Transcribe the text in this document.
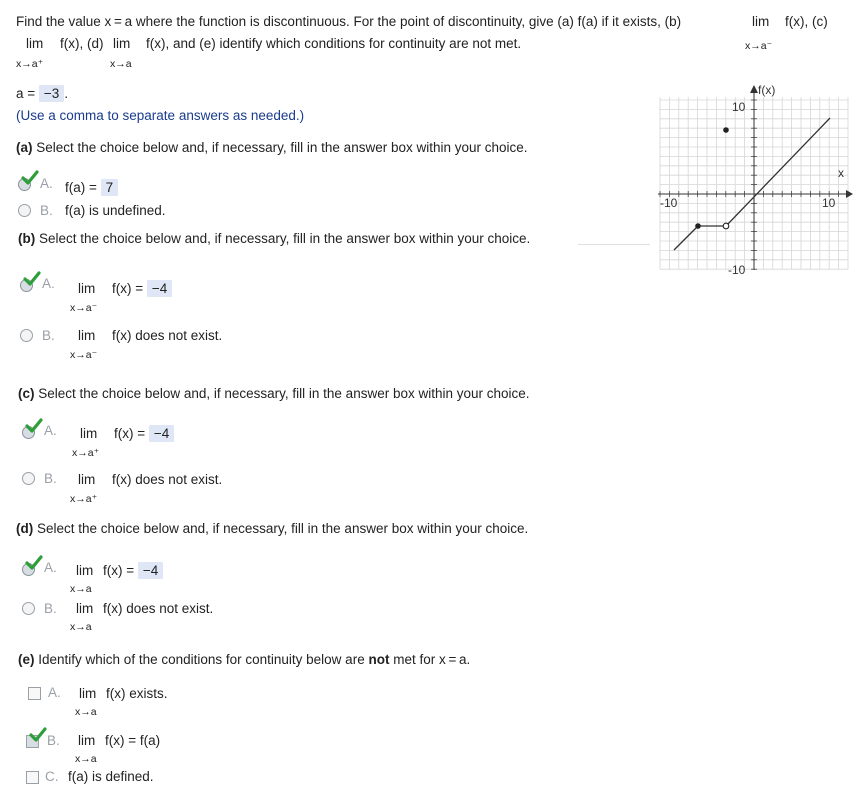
Find the value x = a where the function is discontinuous. For the point of discontinuity, give (a) f(a) if it exists, (b)	lim f(x), (c)
x→a⁻
lim f(x), (d) lim f(x), and (e) identify which conditions for continuity are not met.
x→a⁺	x→a
a = −3 .
(Use a comma to separate answers as needed.)
(a) Select the choice below and, if necessary, fill in the answer box within your choice.
A. f(a) = 7
B. f(a) is undefined.
(b) Select the choice below and, if necessary, fill in the answer box within your choice.
A. lim f(x) = −4
x→a⁻
B. lim f(x) does not exist.
x→a⁻
(c) Select the choice below and, if necessary, fill in the answer box within your choice.
A. lim f(x) = −4
x→a⁺
B. lim f(x) does not exist.
x→a⁺
(d) Select the choice below and, if necessary, fill in the answer box within your choice.
A. lim f(x) = −4
x→a
B. lim f(x) does not exist.
x→a
(e) Identify which of the conditions for continuity below are not met for x = a.
A. lim f(x) exists.
x→a
B. lim f(x) = f(a)
x→a
C. f(a) is defined.
f(x)
x
-10	10
10
-10
